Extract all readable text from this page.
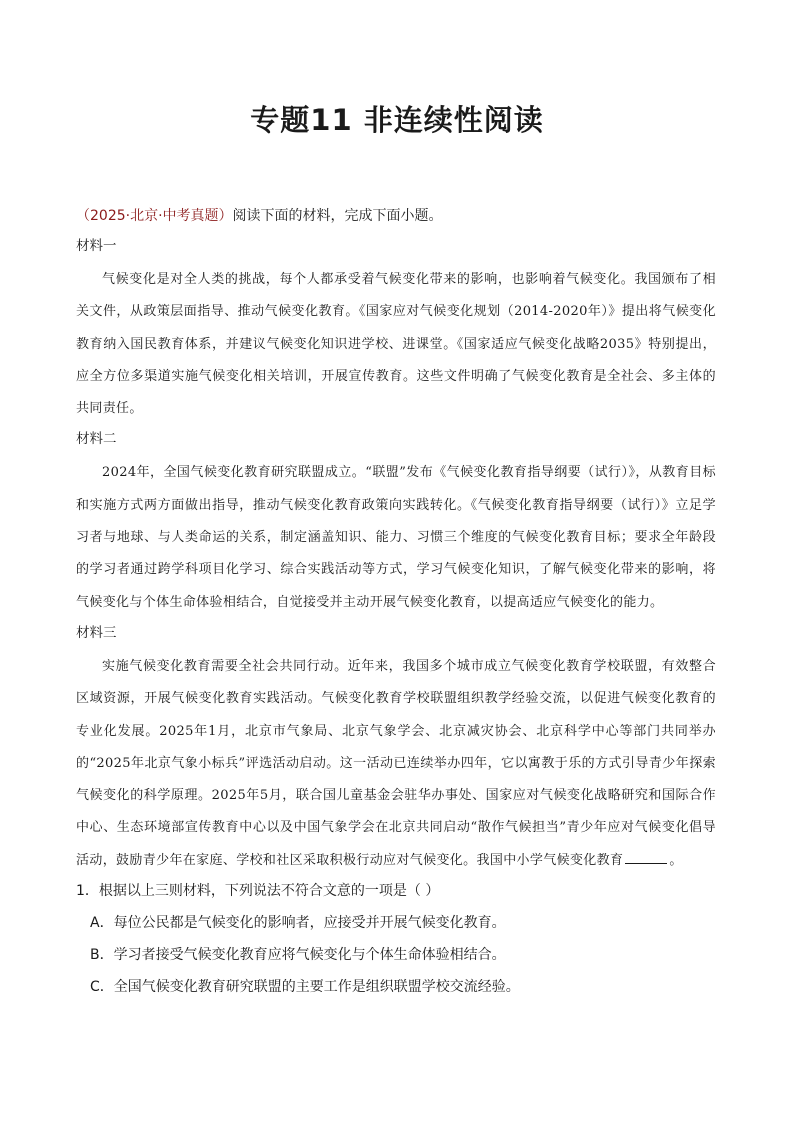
专题11 非连续性阅读
（2025·北京·中考真题）阅读下面的材料，完成下面小题。
材料一

气候变化是对全人类的挑战，每个人都承受着气候变化带来的影响，也影响着气候变化。我国颁布了相关文件，从政策层面指导、推动气候变化教育。《国家应对气候变化规划（2014-2020年）》提出将气候变化教育纳入国民教育体系，并建议气候变化知识进学校、进课堂。《国家适应气候变化战略2035》特别提出，应全方位多渠道实施气候变化相关培训，开展宣传教育。这些文件明确了气候变化教育是全社会、多主体的共同责任。

材料二

2024年，全国气候变化教育研究联盟成立。“联盟”发布《气候变化教育指导纲要（试行）》，从教育目标和实施方式两方面做出指导，推动气候变化教育政策向实践转化。《气候变化教育指导纲要（试行）》立足学习者与地球、与人类命运的关系，制定涵盖知识、能力、习惯三个维度的气候变化教育目标；要求全年龄段的学习者通过跨学科项目化学习、综合实践活动等方式，学习气候变化知识，了解气候变化带来的影响，将气候变化与个体生命体验相结合，自觉接受并主动开展气候变化教育，以提高适应气候变化的能力。

材料三

实施气候变化教育需要全社会共同行动。近年来，我国多个城市成立气候变化教育学校联盟，有效整合区域资源，开展气候变化教育实践活动。气候变化教育学校联盟组织教学经验交流，以促进气候变化教育的专业化发展。2025年1月，北京市气象局、北京气象学会、北京减灾协会、北京科学中心等部门共同举办的“2025年北京气象小标兵”评选活动启动。这一活动已连续举办四年，它以寓教于乐的方式引导青少年探索气候变化的科学原理。2025年5月，联合国儿童基金会驻华办事处、国家应对气候变化战略研究和国际合作中心、生态环境部宣传教育中心以及中国气象学会在北京共同启动“散作气候担当”青少年应对气候变化倡导活动，鼓励青少年在家庭、学校和社区采取积极行动应对气候变化。我国中小学气候变化教育	。

1．根据以上三则材料，下列说法不符合文意的一项是（ ）
A．每位公民都是气候变化的影响者，应接受并开展气候变化教育。
B．学习者接受气候变化教育应将气候变化与个体生命体验相结合。
C．全国气候变化教育研究联盟的主要工作是组织联盟学校交流经验。
